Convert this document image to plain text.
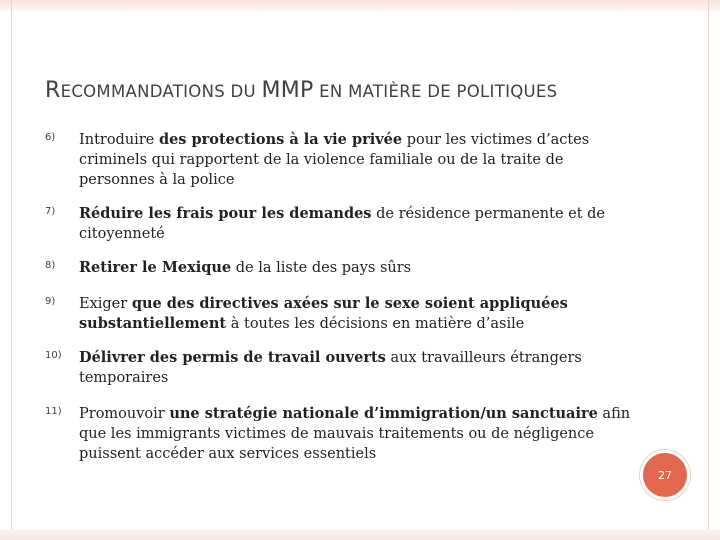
RECOMMANDATIONS DU MMP EN MATIÈRE DE POLITIQUES
6) Introduire des protections à la vie privée pour les victimes d’actes criminels qui rapportent de la violence familiale ou de la traite de personnes à la police
7) Réduire les frais pour les demandes de résidence permanente et de citoyenneté
8) Retirer le Mexique de la liste des pays sûrs
9) Exiger que des directives axées sur le sexe soient appliquées substantiellement à toutes les décisions en matière d’asile
10) Délivrer des permis de travail ouverts aux travailleurs étrangers temporaires
11) Promouvoir une stratégie nationale d’immigration/un sanctuaire afin que les immigrants victimes de mauvais traitements ou de négligence puissent accéder aux services essentiels
27
